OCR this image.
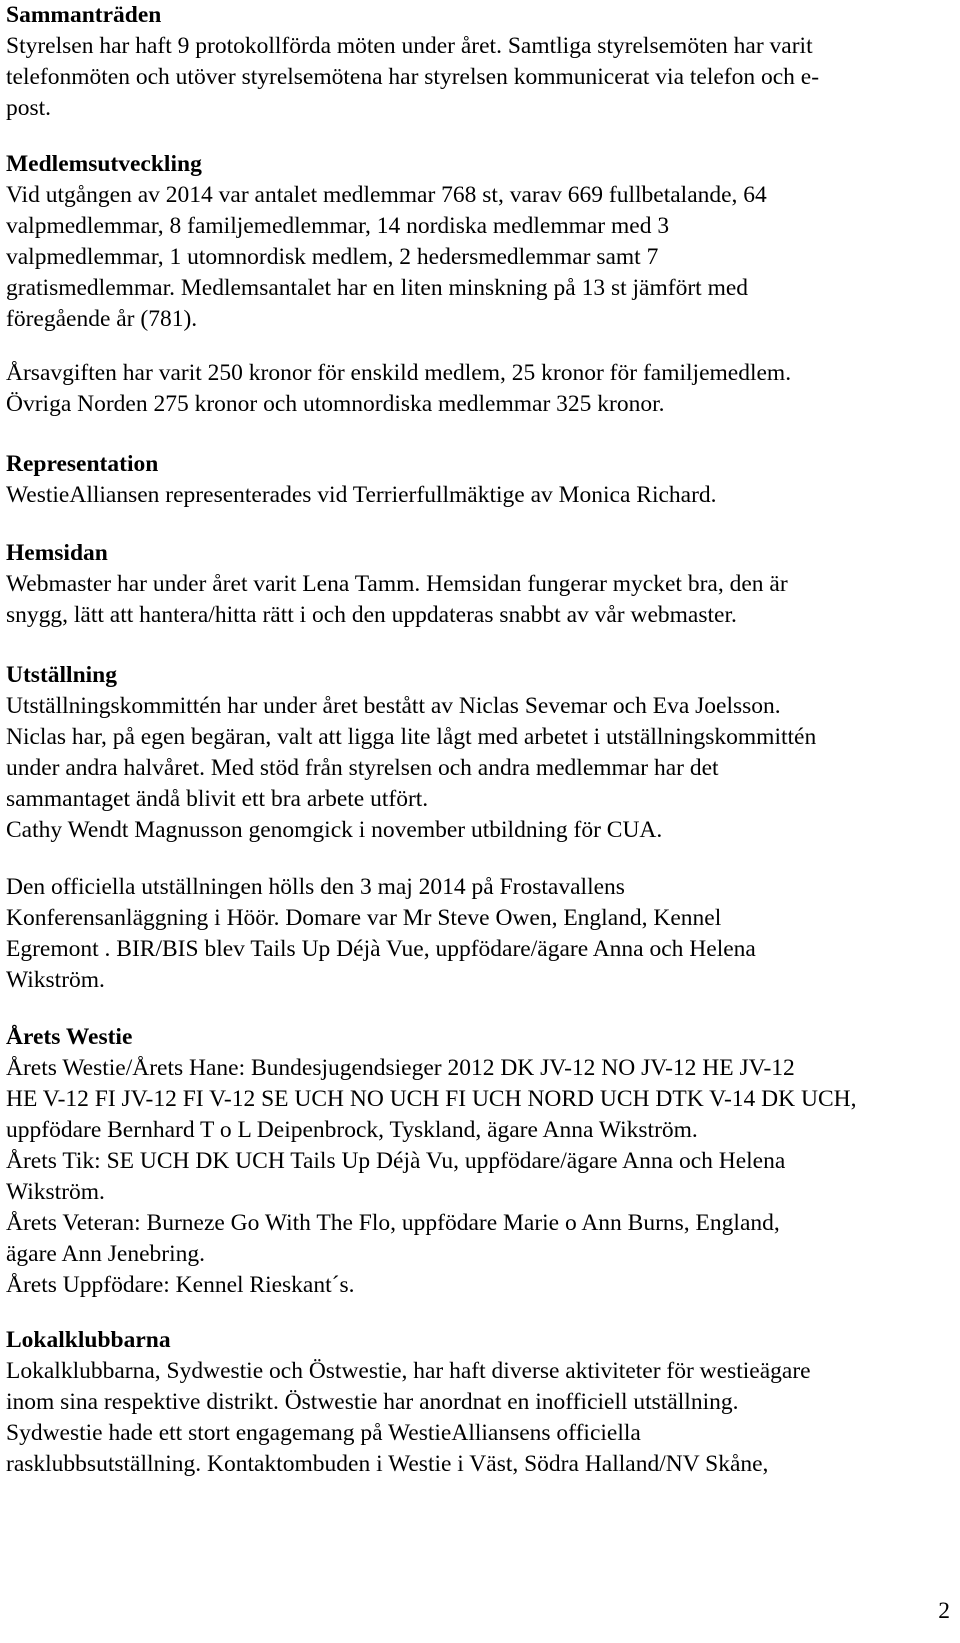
Sammanträden
Styrelsen har haft 9 protokollförda möten under året. Samtliga styrelsemöten har varit
telefonmöten och utöver styrelsemötena har styrelsen kommunicerat via telefon och e-
post.
Medlemsutveckling
Vid utgången av 2014 var antalet medlemmar 768 st, varav 669 fullbetalande, 64
valpmedlemmar, 8 familjemedlemmar, 14 nordiska medlemmar med 3
valpmedlemmar, 1 utomnordisk medlem, 2 hedersmedlemmar samt 7
gratismedlemmar. Medlemsantalet har en liten minskning på 13 st jämfört med
föregående år (781).
Årsavgiften har varit 250 kronor för enskild medlem, 25 kronor för familjemedlem.
Övriga Norden 275 kronor och utomnordiska medlemmar 325 kronor.
Representation
WestieAlliansen representerades vid Terrierfullmäktige av Monica Richard.
Hemsidan
Webmaster har under året varit Lena Tamm. Hemsidan fungerar mycket bra, den är
snygg, lätt att hantera/hitta rätt i och den uppdateras snabbt av vår webmaster.
Utställning
Utställningskommittén har under året bestått av Niclas Sevemar och Eva Joelsson.
Niclas har, på egen begäran, valt att ligga lite lågt med arbetet i utställningskommittén
under andra halvåret. Med stöd från styrelsen och andra medlemmar har det
sammantaget ändå blivit ett bra arbete utfört.
Cathy Wendt Magnusson genomgick i november utbildning för CUA.
Den officiella utställningen hölls den 3 maj 2014 på Frostavallens
Konferensanläggning i Höör. Domare var Mr Steve Owen, England, Kennel
Egremont . BIR/BIS blev Tails Up Déjà Vue, uppfödare/ägare Anna och Helena
Wikström.
Årets Westie
Årets Westie/Årets Hane: Bundesjugendsieger 2012 DK JV-12 NO JV-12 HE JV-12
HE V-12 FI JV-12 FI V-12 SE UCH NO UCH FI UCH NORD UCH DTK V-14 DK UCH,
uppfödare Bernhard T o L Deipenbrock, Tyskland, ägare Anna Wikström.
Årets Tik: SE UCH DK UCH Tails Up Déjà Vu, uppfödare/ägare Anna och Helena
Wikström.
Årets Veteran: Burneze Go With The Flo, uppfödare Marie o Ann Burns, England,
ägare Ann Jenebring.
Årets Uppfödare: Kennel Rieskant´s.
Lokalklubbarna
Lokalklubbarna, Sydwestie och Östwestie, har haft diverse aktiviteter för westieägare
inom sina respektive distrikt. Östwestie har anordnat en inofficiell utställning.
Sydwestie hade ett stort engagemang på WestieAlliansens officiella
rasklubbsutställning. Kontaktombuden i Westie i Väst, Södra Halland/NV Skåne,
2
